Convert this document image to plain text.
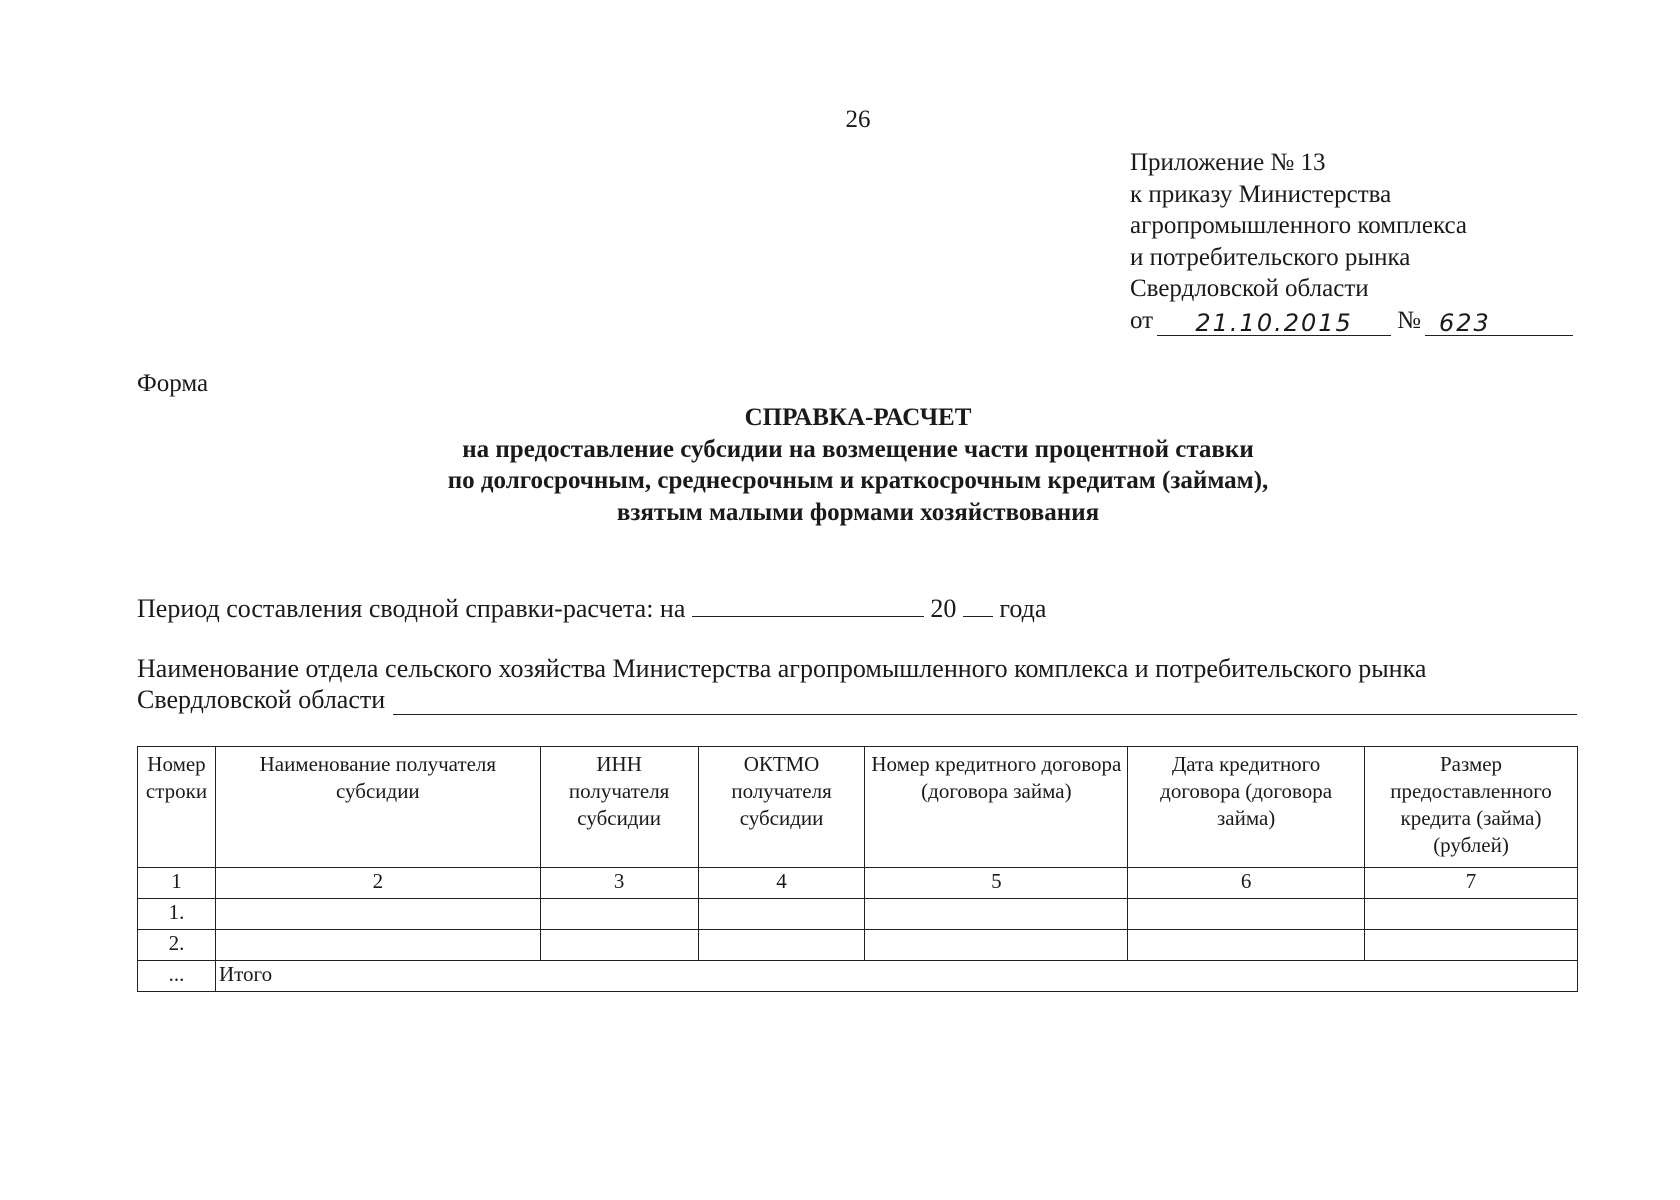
26
Приложение № 13
к приказу Министерства
агропромышленного комплекса
и потребительского рынка
Свердловской области
от	21.10.2015	№ 623
Форма
СПРАВКА-РАСЧЕТ
на предоставление субсидии на возмещение части процентной ставки
по долгосрочным, среднесрочным и краткосрочным кредитам (займам),
взятым малыми формами хозяйствования
Период составления сводной справки-расчета: на	20 года
Наименование отдела сельского хозяйства Министерства агропромышленного комплекса и потребительского рынка
Свердловской области
Номер строки	Наименование получателя субсидии	ИНН получателя субсидии	ОКТМО получателя субсидии	Номер кредитного договора (договора займа)	Дата кредитного договора (договора займа)	Размер предоставленного кредита (займа) (рублей)
1	2	3	4	5	6	7
1.						
2.						
...	Итого					
